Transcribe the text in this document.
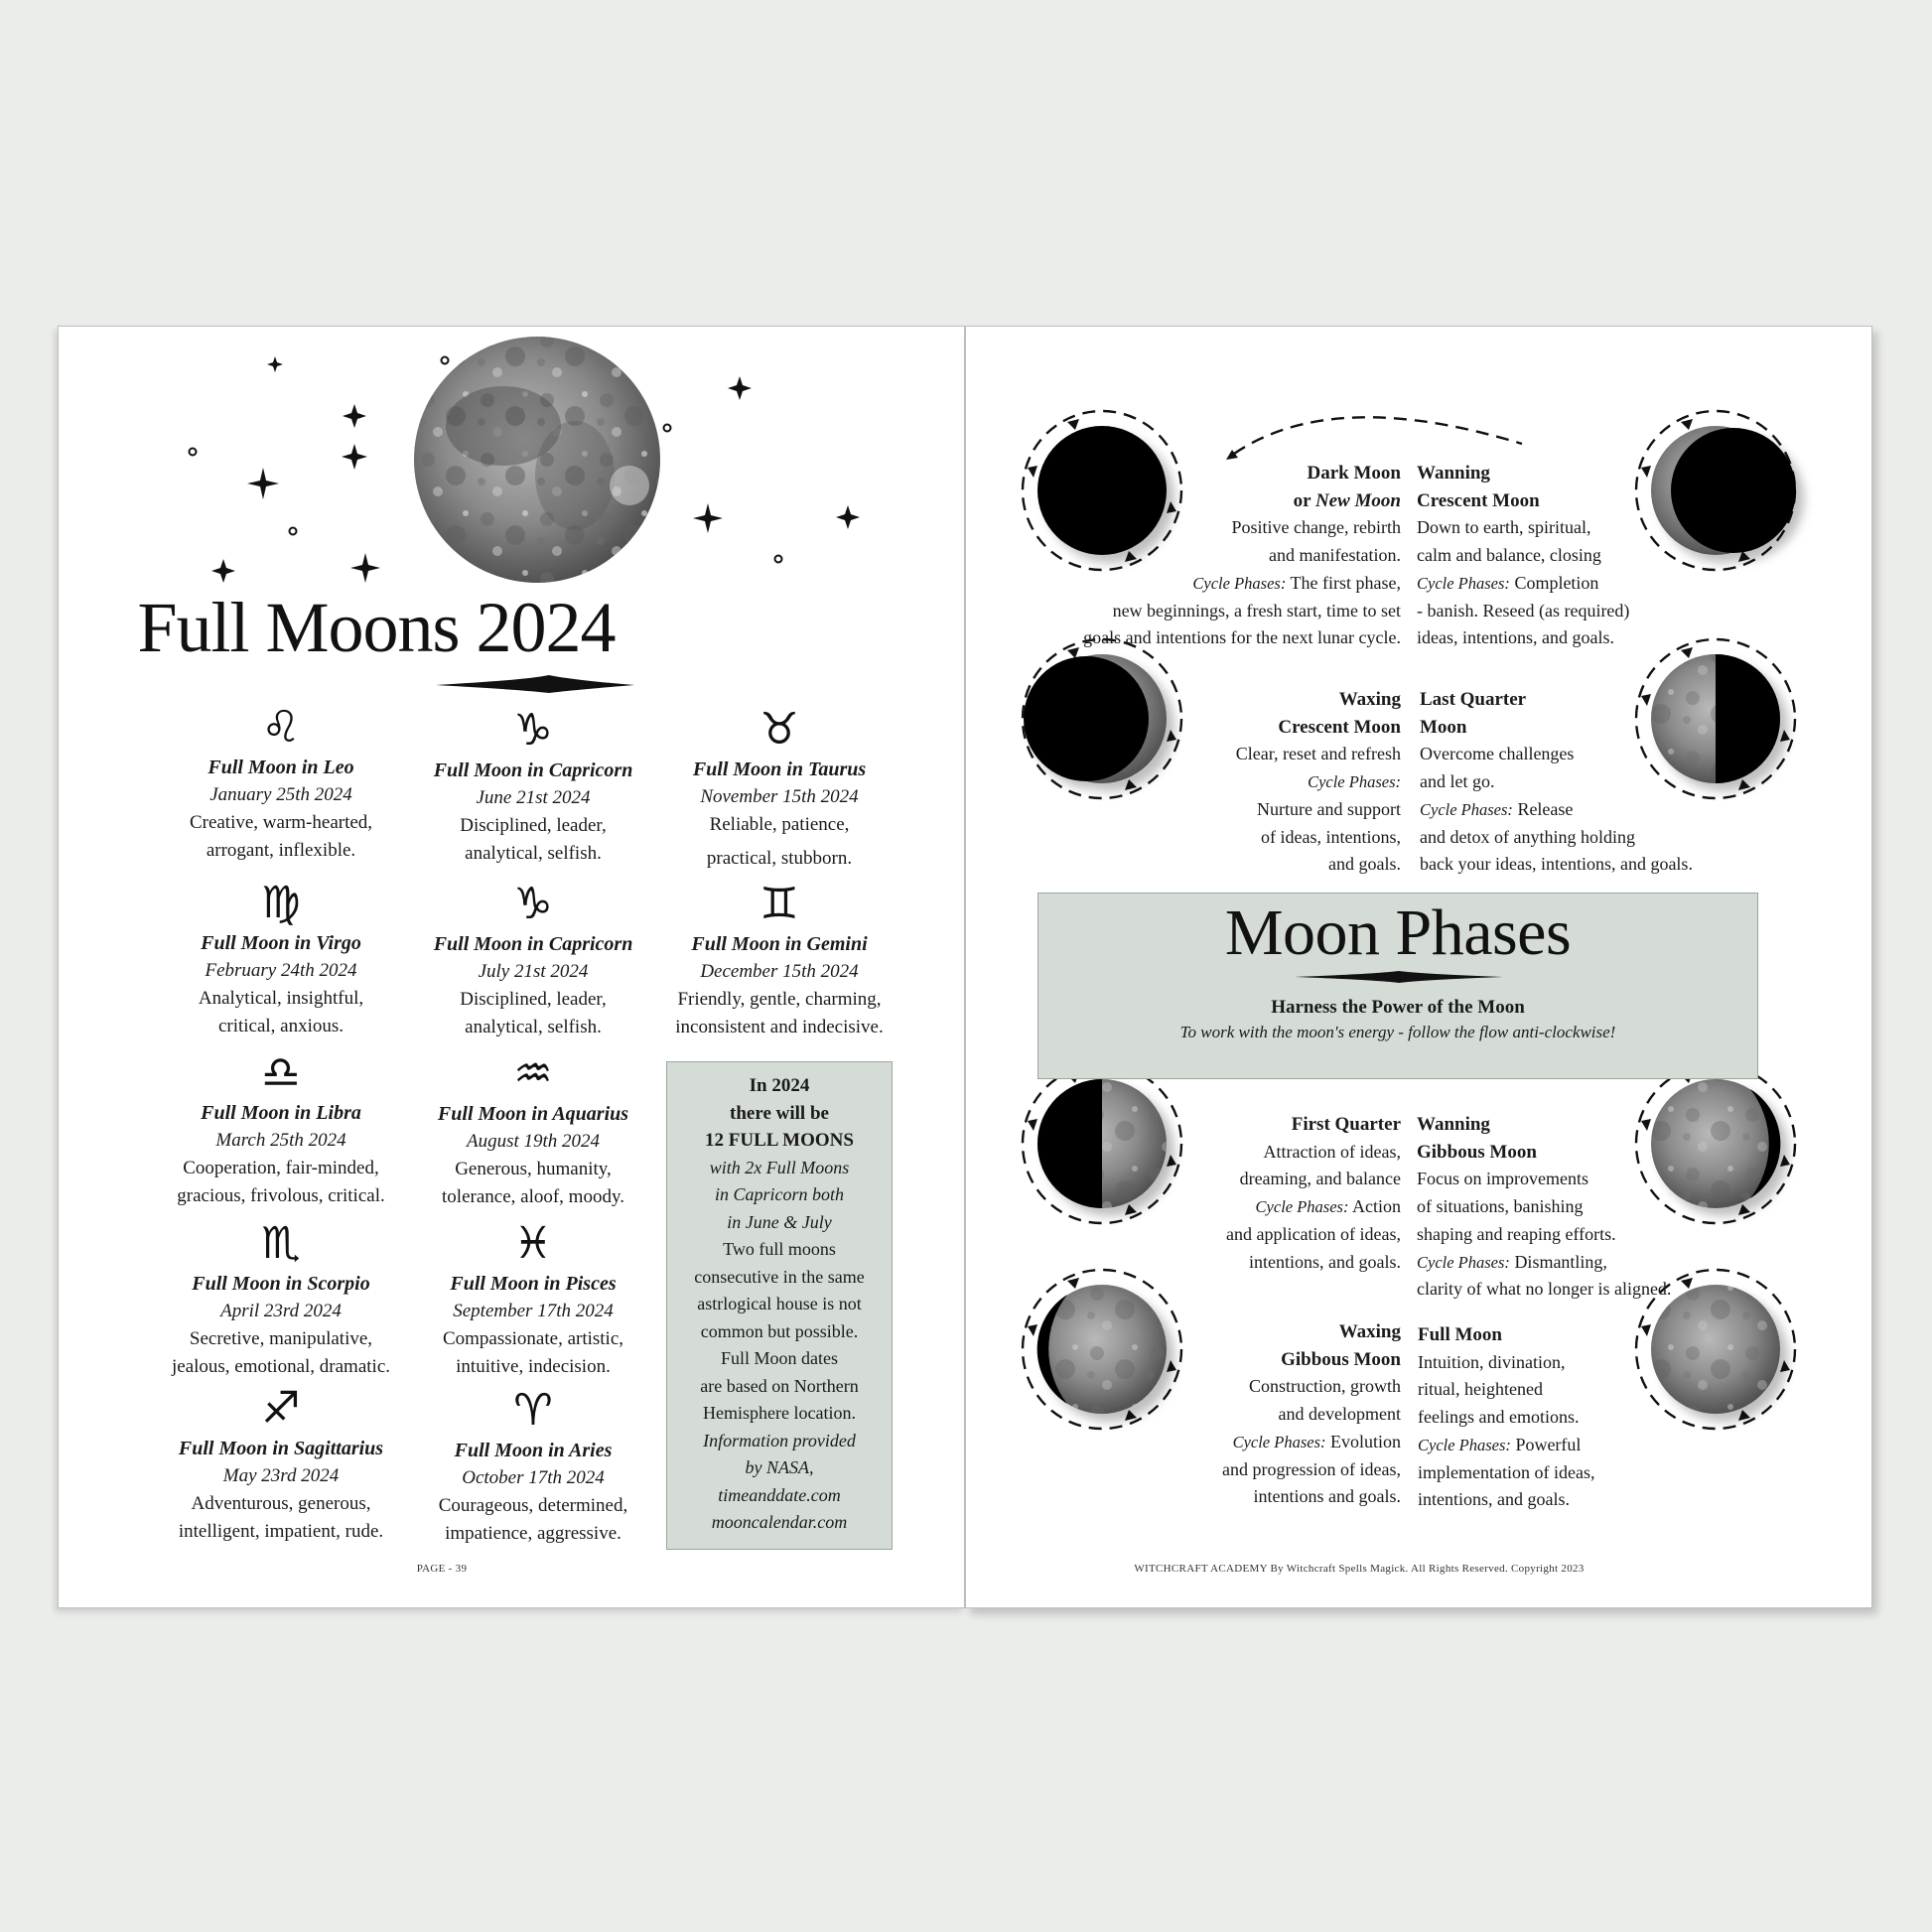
Full Moons 2024
♌
Full Moon in Leo
January 25th 2024
Creative, warm-hearted,
arrogant, inflexible.
♍
Full Moon in Virgo
February 24th 2024
Analytical, insightful,
critical, anxious.
♎
Full Moon in Libra
March 25th 2024
Cooperation, fair-minded,
gracious, frivolous, critical.
♏
Full Moon in Scorpio
April 23rd 2024
Secretive, manipulative,
jealous, emotional, dramatic.
♐
Full Moon in Sagittarius
May 23rd 2024
Adventurous, generous,
intelligent, impatient, rude.
♑
Full Moon in Capricorn
June 21st 2024
Disciplined, leader,
analytical, selfish.
♑
Full Moon in Capricorn
July 21st 2024
Disciplined, leader,
analytical, selfish.
♒
Full Moon in Aquarius
August 19th 2024
Generous, humanity,
tolerance, aloof, moody.
♓
Full Moon in Pisces
September 17th 2024
Compassionate, artistic,
intuitive, indecision.
♈
Full Moon in Aries
October 17th 2024
Courageous, determined,
impatience, aggressive.
♉
Full Moon in Taurus
November 15th 2024
Reliable, patience,
practical, stubborn.
♊
Full Moon in Gemini
December 15th 2024
Friendly, gentle, charming,
inconsistent and indecisive.
In 2024
there will be
12 FULL MOONS
with 2x Full Moons
in Capricorn both
in June & July
Two full moons
consecutive in the same
astrlogical house is not
common but possible.
Full Moon dates
are based on Northern
Hemisphere location.
Information provided
by NASA,
timeanddate.com
mooncalendar.com
PAGE - 39
Dark Moon
or New Moon
Positive change, rebirth
and manifestation.
Cycle Phases: The first phase,
new beginnings, a fresh start, time to set
goals and intentions for the next lunar cycle.
Wanning
Crescent Moon
Down to earth, spiritual,
calm and balance, closing
Cycle Phases: Completion
- banish. Reseed (as required)
ideas, intentions, and goals.
Waxing
Crescent Moon
Clear, reset and refresh
Cycle Phases:
Nurture and support
of ideas, intentions,
and goals.
Last Quarter
Moon
Overcome challenges
and let go.
Cycle Phases: Release
and detox of anything holding
back your ideas, intentions, and goals.
Moon Phases
Harness the Power of the Moon
To work with the moon's energy - follow the flow anti-clockwise!
First Quarter
Attraction of ideas,
dreaming, and balance
Cycle Phases: Action
and application of ideas,
intentions, and goals.
Wanning
Gibbous Moon
Focus on improvements
of situations, banishing
shaping and reaping efforts.
Cycle Phases: Dismantling,
clarity of what no longer is aligned.
Waxing
Gibbous Moon
Construction, growth
and development
Cycle Phases: Evolution
and progression of ideas,
intentions and goals.
Full Moon
Intuition, divination,
ritual, heightened
feelings and emotions.
Cycle Phases: Powerful
implementation of ideas,
intentions, and goals.
WITCHCRAFT ACADEMY By Witchcraft Spells Magick. All Rights Reserved. Copyright 2023
